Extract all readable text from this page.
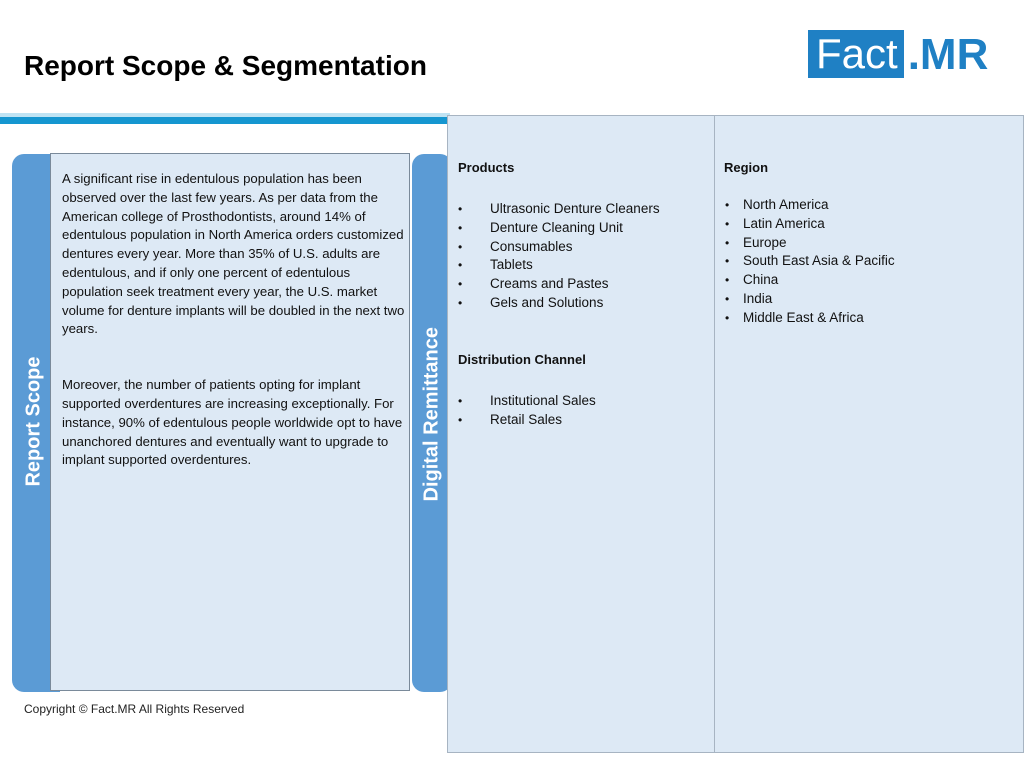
Report Scope & Segmentation	Fact .MR
Report Scope

A significant rise in edentulous population has been observed over the last few years. As per data from the American college of Prosthodontists, around 14% of edentulous population in North America orders customized dentures every year. More than 35% of U.S. adults are edentulous, and if only one percent of edentulous population seek treatment every year, the U.S. market volume for denture implants will be doubled in the next two years.

Moreover, the number of patients opting for implant supported overdentures are increasing exceptionally. For instance, 90% of edentulous people worldwide opt to have unanchored dentures and eventually want to upgrade to implant supported overdentures.	Digital Remittance
Products
• Ultrasonic Denture Cleaners
• Denture Cleaning Unit
• Consumables
• Tablets
• Creams and Pastes
• Gels and Solutions
Distribution Channel
• Institutional Sales
• Retail Sales
Region
• North America
• Latin America
• Europe
• South East Asia & Pacific
• China
• India
• Middle East & Africa
Copyright © Fact.MR All Rights Reserved
